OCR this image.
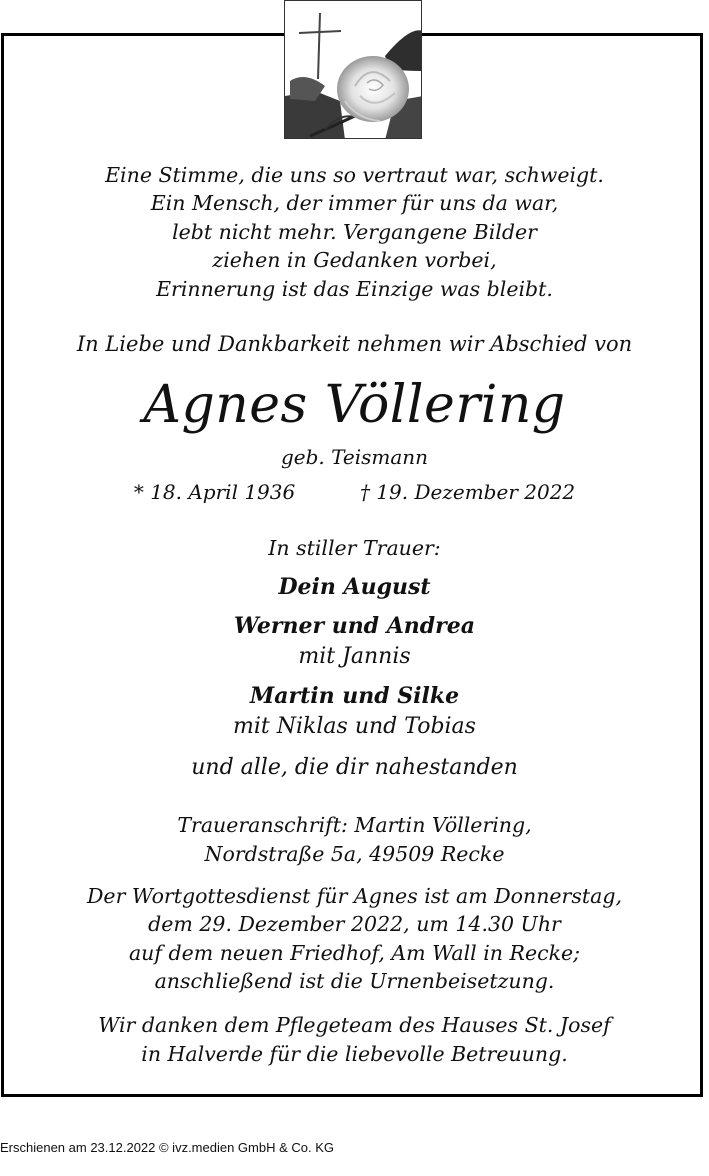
Eine Stimme, die uns so vertraut war, schweigt.
Ein Mensch, der immer für uns da war,
lebt nicht mehr. Vergangene Bilder
ziehen in Gedanken vorbei,
Erinnerung ist das Einzige was bleibt.
In Liebe und Dankbarkeit nehmen wir Abschied von
Agnes Völlering
geb. Teismann
* 18. April 1936	† 19. Dezember 2022
In stiller Trauer:
Dein August
Werner und Andrea
mit Jannis
Martin und Silke
mit Niklas und Tobias
und alle, die dir nahestanden
Traueranschrift: Martin Völlering,
Nordstraße 5a, 49509 Recke
Der Wortgottesdienst für Agnes ist am Donnerstag,
dem 29. Dezember 2022, um 14.30 Uhr
auf dem neuen Friedhof, Am Wall in Recke;
anschließend ist die Urnenbeisetzung.
Wir danken dem Pflegeteam des Hauses St. Josef
in Halverde für die liebevolle Betreuung.
Erschienen am 23.12.2022 © ivz.medien GmbH & Co. KG
